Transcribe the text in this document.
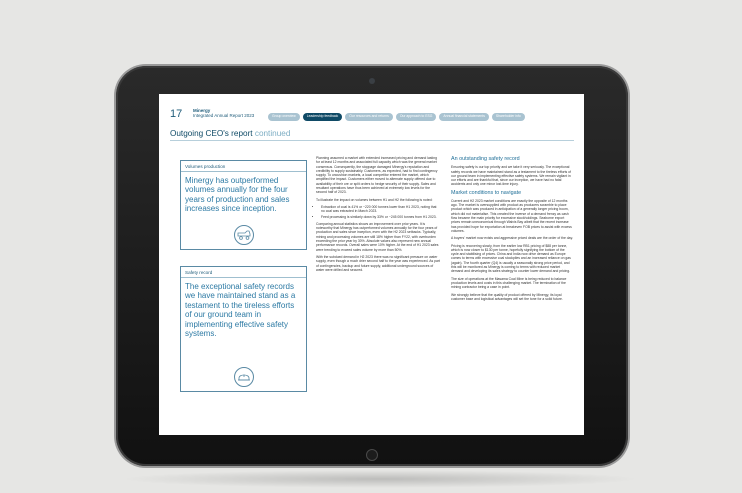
17 Minergy
Integrated Annual Report 2023	Group overview	Leadership feedback	Our resources and returns	Our approach to ESG	Annual financial statements	Shareholder info
Outgoing CEO's report continued
Volumes production
Minergy has outperformed volumes annually for the four years of production and sales increases since inception.
Safety record
The exceptional safety records we have maintained stand as a testament to the tireless efforts of our ground team in implementing effective safety systems.

Planning assumed a market with extended increased pricing and demand lasting for at least 12 months and associated full capacity which was the general market consensus. Consequently, the stoppage damaged Minergy's reputation and credibility to supply sustainably. Customers, as expected, had to find contingency supply. To uncushion markets, a local competitor entered the market, which amplified the impact. Customers either moved to alternate supply offered due to availability of their ore or split orders to hedge security of their supply. Sales and resultant operations have thus been achieved at extremely low levels for the second half of 2023.

To illustrate the impact on volumes between H1 and H2 the following is noted:

• Extraction of coal is 41% or ~220 000 tonnes lower than H1 2023, noting that no coal was extracted in March 2023.
• Feed processing is similarly down by 33% or ~245 000 tonnes from H1 2023.

Comparing annual statistics shows an improvement over prior years. It is noteworthy that Minergy has outperformed volumes annually for the four years of production and sales since inception, even with the H2 2023 setbacks. Typically, mining and processing volumes are still 18% higher than FY22, with overburden exceeding the prior year by 30%. Absolute values also represent new annual performance records. Overall sales were 10% higher. At the end of H1 2023 sales were trending to exceed sales volume by more than 50%.

With the subdued demand in H2 2023 there was no significant pressure on water supply, even though a much drier second half to the year was experienced. As part of contingencies, backup and future supply, additional underground sources of water were drilled and secured.

An outstanding safety record

Ensuring safety is our top priority and we take it very seriously. The exceptional safety records we have maintained stand as a testament to the tireless efforts of our ground team in implementing effective safety systems. We remain vigilant in our efforts and are thankful that, since our inception, we have had no fatal accidents and only one minor lost-time injury.

Market conditions to navigate

Current and H2 2023 market conditions are exactly the opposite of 12 months ago. The market is oversupplied with product as producers scramble to place product which was produced in anticipation of a generally longer pricing boom, which did not materialise. This created the inverse of a demand frenzy as cash flow became the main priority for excessive stockholdings. Seaborne export prices remain uneconomical through Walvis Bay albeit that the recent increase has provided hope for exportation at breakeven FOB prices to assist with excess volumes.

A buyers' market now exists and aggressive priced deals are the order of the day.

Pricing is recovering slowly, from the earlier low RB1 pricing of $88 per tonne, which is now closer to $130 per tonne, hopefully signifying the bottom of the cycle and stabilising of prices. China and India now drive demand as Europe comes to terms with excessive coal stockpiles and an increased reliance on gas (again). The fourth quarter (Q4) is usually a seasonally strong price period, and this will be monitored as Minergy is coming to terms with reduced market demand and developing its sales strategy to counter lower demand and pricing.

The size of operations at the Masama Coal Mine is being reduced to balance production levels and costs in this challenging market. The termination of the mining contractor being a case in point.

We strongly believe that the quality of product offered by Minergy, its loyal customer base and logistical advantages will set the tone for a solid future.
